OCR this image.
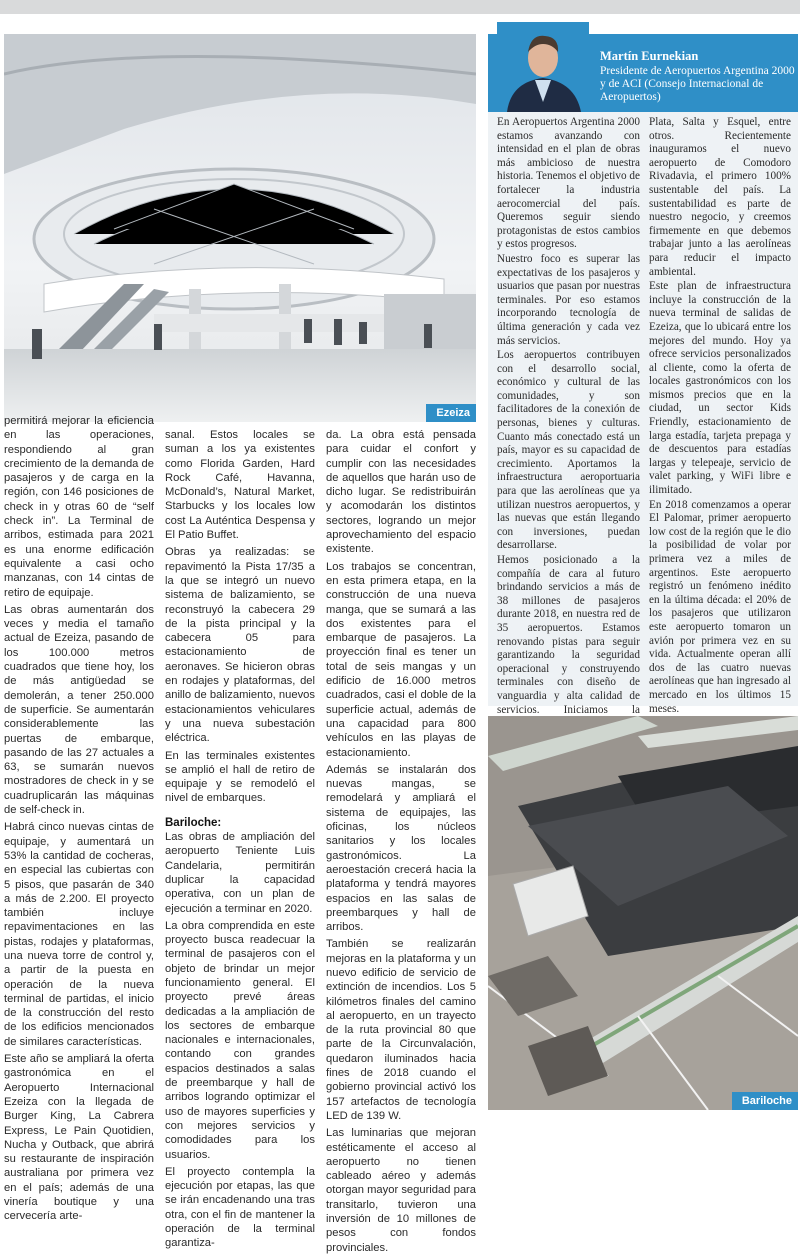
Ezeiza
Martín Eurnekian
Presidente de Aeropuertos Argentina 2000 y de ACI (Consejo Internacional de Aeropuertos)

En Aeropuertos Argentina 2000 estamos avanzando con intensidad en el plan de obras más ambicioso de nuestra historia. Tenemos el objetivo de fortalecer la industria aerocomercial del país. Queremos seguir siendo protagonistas de estos cambios y estos progresos.

Nuestro foco es superar las expectativas de los pasajeros y usuarios que pasan por nuestras terminales. Por eso estamos incorporando tecnología de última generación y cada vez más servicios.

Los aeropuertos contribuyen con el desarrollo social, económico y cultural de las comunidades, y son facilitadores de la conexión de personas, bienes y culturas. Cuanto más conectado está un país, mayor es su capacidad de crecimiento. Aportamos la infraestructura aeroportuaria para que las aerolíneas que ya utilizan nuestros aeropuertos, y las nuevas que están llegando con inversiones, puedan desarrollarse.

Hemos posicionado a la compañía de cara al futuro brindando servicios a más de 38 millones de pasajeros durante 2018, en nuestra red de 35 aeropuertos. Estamos renovando pistas para seguir garantizando la seguridad operacional y construyendo terminales con diseño de vanguardia y alta calidad de servicios. Iniciamos la

Plata, Salta y Esquel, entre otros. Recientemente inauguramos el nuevo aeropuerto de Comodoro Rivadavia, el primero 100% sustentable del país. La sustentabilidad es parte de nuestro negocio, y creemos firmemente en que debemos trabajar junto a las aerolíneas para reducir el impacto ambiental.

Este plan de infraestructura incluye la construcción de la nueva terminal de salidas de Ezeiza, que lo ubicará entre los mejores del mundo. Hoy ya ofrece servicios personalizados al cliente, como la oferta de locales gastronómicos con los mismos precios que en la ciudad, un sector Kids Friendly, estacionamiento de larga estadía, tarjeta prepaga y de descuentos para estadías largas y telepeaje, servicio de valet parking, y WiFi libre e ilimitado.

En 2018 comenzamos a operar El Palomar, primer aeropuerto low cost de la región que le dio la posibilidad de volar por primera vez a miles de argentinos. Este aeropuerto registró un fenómeno inédito en la última década: el 20% de los pasajeros que utilizaron este aeropuerto tomaron un avión por primera vez en su vida. Actualmente operan allí dos de las cuatro nuevas aerolíneas que han ingresado al mercado en los últimos 15 meses.

Bariloche

permitirá mejorar la eficiencia en las operaciones, respondiendo al gran crecimiento de la demanda de pasajeros y de carga en la región, con 146 posiciones de check in y otras 60 de “self check in”. La Terminal de arribos, estimada para 2021 es una enorme edificación equivalente a casi ocho manzanas, con 14 cintas de retiro de equipaje.

Las obras aumentarán dos veces y media el tamaño actual de Ezeiza, pasando de los 100.000 metros cuadrados que tiene hoy, los de más antigüedad se demolerán, a tener 250.000 de superficie. Se aumentarán considerablemente las puertas de embarque, pasando de las 27 actuales a 63, se sumarán nuevos mostradores de check in y se cuadruplicarán las máquinas de self-check in.

Habrá cinco nuevas cintas de equipaje, y aumentará un 53% la cantidad de cocheras, en especial las cubiertas con 5 pisos, que pasarán de 340 a más de 2.200. El proyecto también incluye repavimentaciones en las pistas, rodajes y plataformas, una nueva torre de control y, a partir de la puesta en operación de la nueva terminal de partidas, el inicio de la construcción del resto de los edificios mencionados de similares características.

Este año se ampliará la oferta gastronómica en el Aeropuerto Internacional Ezeiza con la llegada de Burger King, La Cabrera Express, Le Pain Quotidien, Nucha y Outback, que abrirá su restaurante de inspiración australiana por primera vez en el país; además de una vinería boutique y una cervecería arte-

sanal. Estos locales se suman a los ya existentes como Florida Garden, Hard Rock Café, Havanna, McDonald’s, Natural Market, Starbucks y los locales low cost La Auténtica Despensa y El Patio Buffet.

Obras ya realizadas: se repavimentó la Pista 17/35 a la que se integró un nuevo sistema de balizamiento, se reconstruyó la cabecera 29 de la pista principal y la cabecera 05 para estacionamiento de aeronaves. Se hicieron obras en rodajes y plataformas, del anillo de balizamiento, nuevos estacionamientos vehiculares y una nueva subestación eléctrica.

En las terminales existentes se amplió el hall de retiro de equipaje y se remodeló el nivel de embarques.

Bariloche:

Las obras de ampliación del aeropuerto Teniente Luis Candelaria, permitirán duplicar la capacidad operativa, con un plan de ejecución a terminar en 2020.

La obra comprendida en este proyecto busca readecuar la terminal de pasajeros con el objeto de brindar un mejor funcionamiento general. El proyecto prevé áreas dedicadas a la ampliación de los sectores de embarque nacionales e internacionales, contando con grandes espacios destinados a salas de preembarque y hall de arribos logrando optimizar el uso de mayores superficies y con mejores servicios y comodidades para los usuarios.

El proyecto contempla la ejecución por etapas, las que se irán encadenando una tras otra, con el fin de mantener la operación de la terminal garantiza-

da. La obra está pensada para cuidar el confort y cumplir con las necesidades de aquellos que harán uso de dicho lugar. Se redistribuirán y acomodarán los distintos sectores, logrando un mejor aprovechamiento del espacio existente.

Los trabajos se concentran, en esta primera etapa, en la construcción de una nueva manga, que se sumará a las dos existentes para el embarque de pasajeros. La proyección final es tener un total de seis mangas y un edificio de 16.000 metros cuadrados, casi el doble de la superficie actual, además de una capacidad para 800 vehículos en las playas de estacionamiento.

Además se instalarán dos nuevas mangas, se remodelará y ampliará el sistema de equipajes, las oficinas, los núcleos sanitarios y los locales gastronómicos. La aeroestación crecerá hacia la plataforma y tendrá mayores espacios en las salas de preembarques y hall de arribos.

También se realizarán mejoras en la plataforma y un nuevo edificio de servicio de extinción de incendios. Los 5 kilómetros finales del camino al aeropuerto, en un trayecto de la ruta provincial 80 que parte de la Circunvalación, quedaron iluminados hacia fines de 2018 cuando el gobierno provincial activó los 157 artefactos de tecnología LED de 139 W.

Las luminarias que mejoran estéticamente el acceso al aeropuerto no tienen cableado aéreo y además otorgan mayor seguridad para transitarlo, tuvieron una inversión de 10 millones de pesos con fondos provinciales.
